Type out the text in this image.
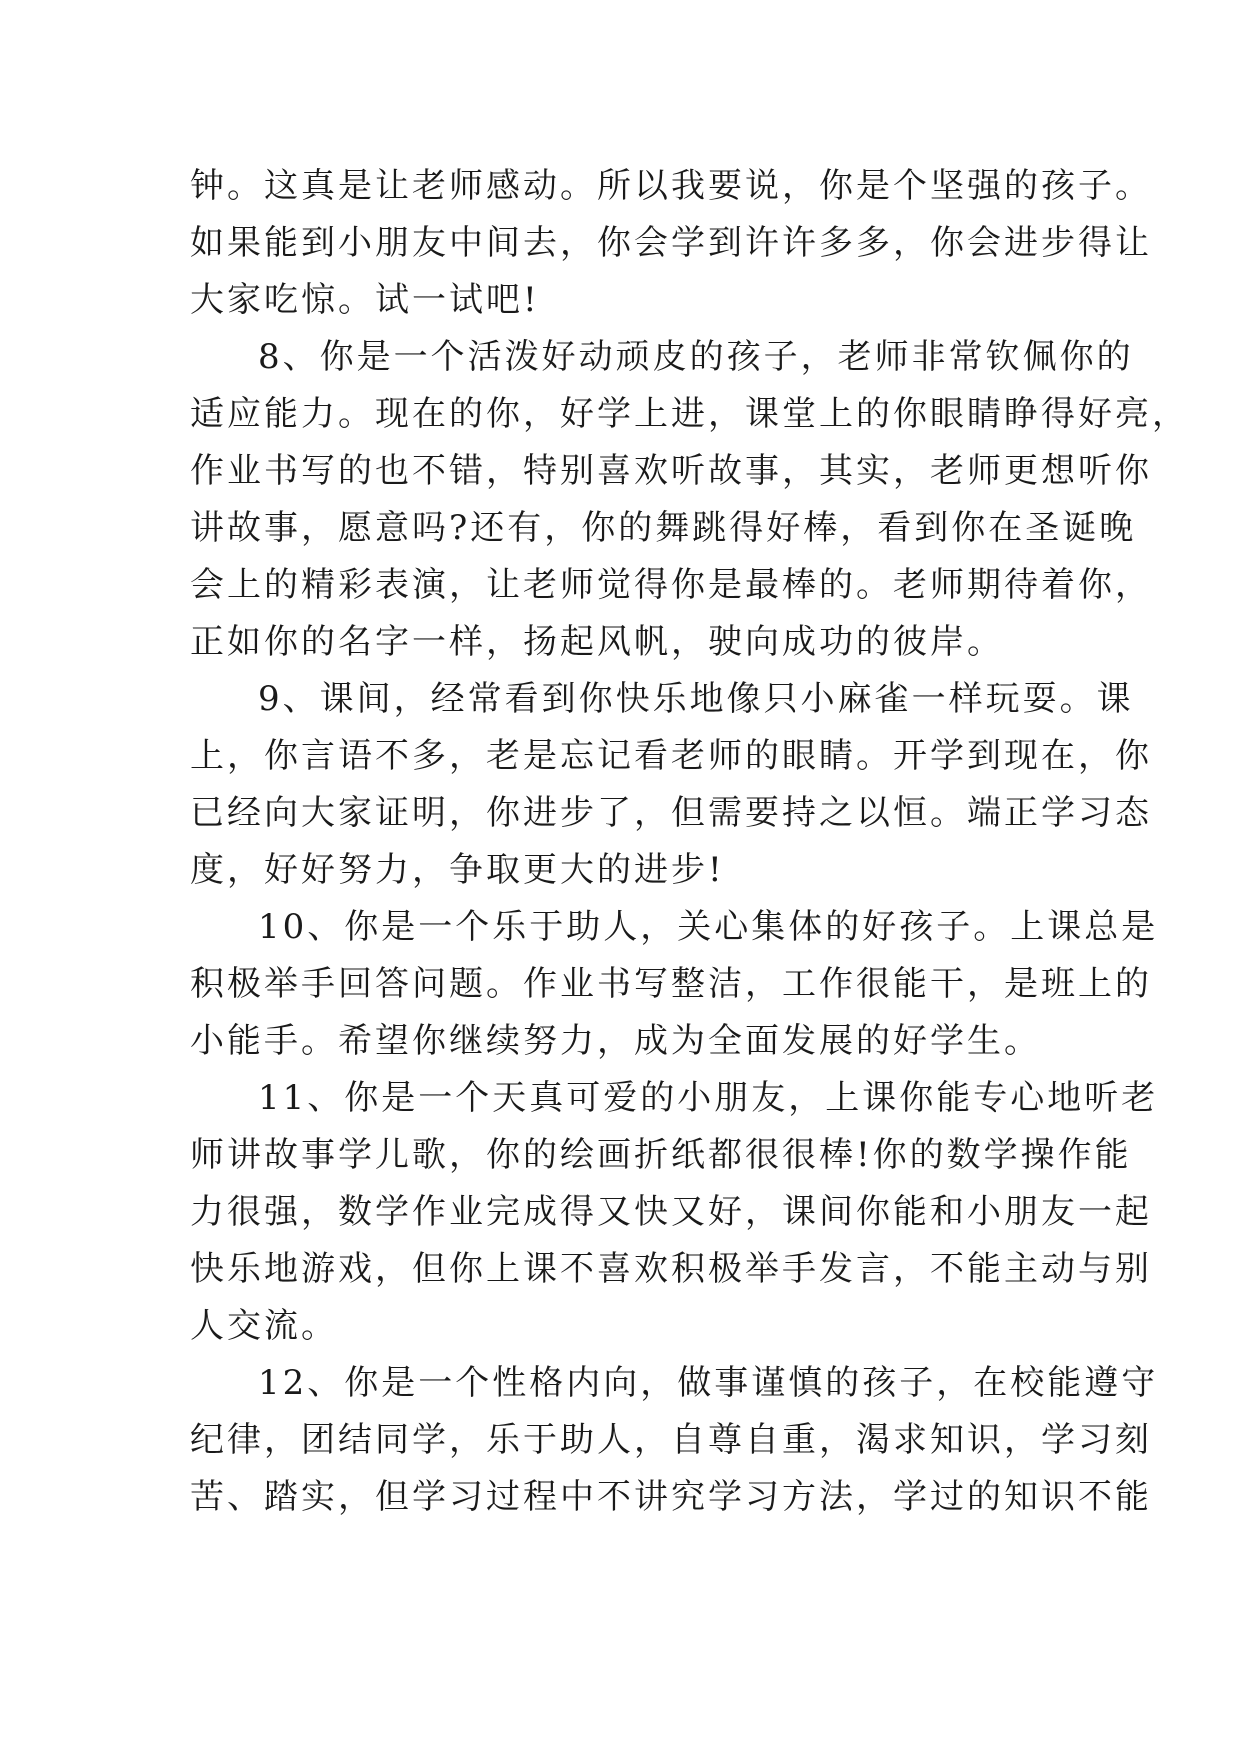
钟。这真是让老师感动。所以我要说，你是个坚强的孩子。
如果能到小朋友中间去，你会学到许许多多，你会进步得让
大家吃惊。试一试吧!
8、你是一个活泼好动顽皮的孩子，老师非常钦佩你的
适应能力。现在的你，好学上进，课堂上的你眼睛睁得好亮，
作业书写的也不错，特别喜欢听故事，其实，老师更想听你
讲故事，愿意吗?还有，你的舞跳得好棒，看到你在圣诞晚
会上的精彩表演，让老师觉得你是最棒的。老师期待着你，
正如你的名字一样，扬起风帆，驶向成功的彼岸。
9、课间，经常看到你快乐地像只小麻雀一样玩耍。课
上，你言语不多，老是忘记看老师的眼睛。开学到现在，你
已经向大家证明，你进步了，但需要持之以恒。端正学习态
度，好好努力，争取更大的进步!
10、你是一个乐于助人，关心集体的好孩子。上课总是
积极举手回答问题。作业书写整洁，工作很能干，是班上的
小能手。希望你继续努力，成为全面发展的好学生。
11、你是一个天真可爱的小朋友，上课你能专心地听老
师讲故事学儿歌，你的绘画折纸都很很棒!你的数学操作能
力很强，数学作业完成得又快又好，课间你能和小朋友一起
快乐地游戏，但你上课不喜欢积极举手发言，不能主动与别
人交流。
12、你是一个性格内向，做事谨慎的孩子，在校能遵守
纪律，团结同学，乐于助人，自尊自重，渴求知识，学习刻
苦、踏实，但学习过程中不讲究学习方法，学过的知识不能
